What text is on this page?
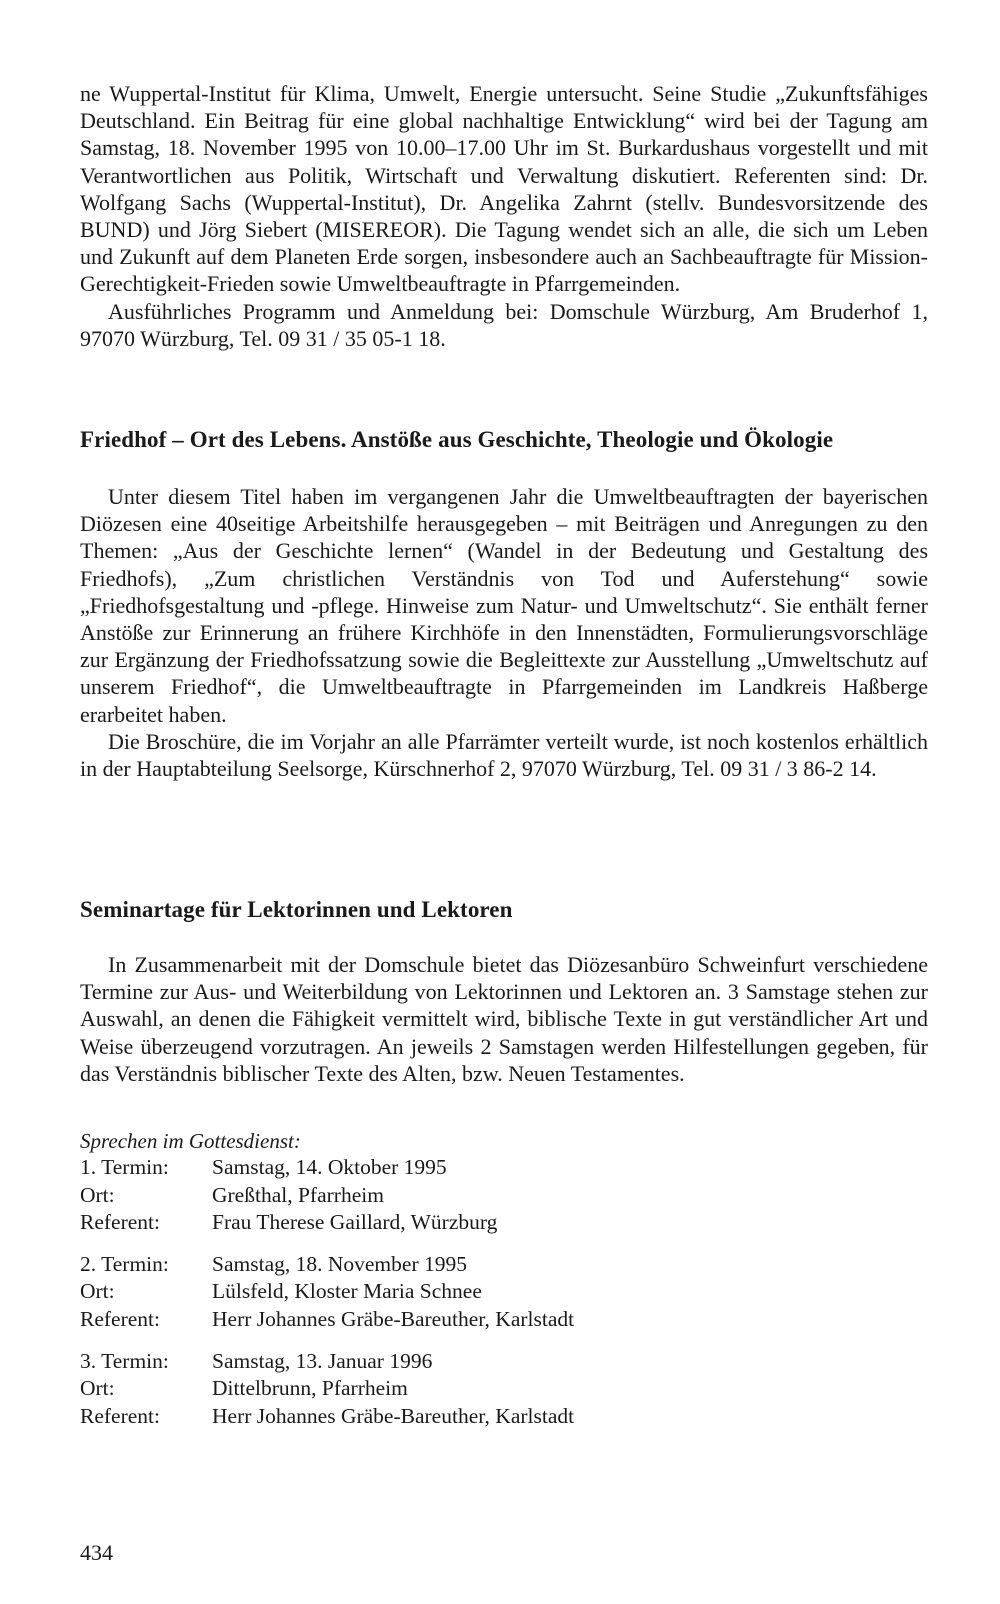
ne Wuppertal-Institut für Klima, Umwelt, Energie untersucht. Seine Studie „Zukunftsfähiges Deutschland. Ein Beitrag für eine global nachhaltige Entwicklung“ wird bei der Tagung am Samstag, 18. November 1995 von 10.00–17.00 Uhr im St. Burkardushaus vorgestellt und mit Verantwortlichen aus Politik, Wirtschaft und Verwaltung diskutiert. Referenten sind: Dr. Wolfgang Sachs (Wuppertal-Institut), Dr. Angelika Zahrnt (stellv. Bundesvorsitzende des BUND) und Jörg Siebert (MISEREOR). Die Tagung wendet sich an alle, die sich um Leben und Zukunft auf dem Planeten Erde sorgen, insbesondere auch an Sachbeauftragte für Mission-Gerechtigkeit-Frieden sowie Umweltbeauftragte in Pfarrgemeinden.

Ausführliches Programm und Anmeldung bei: Domschule Würzburg, Am Bruderhof 1, 97070 Würzburg, Tel. 09 31 / 35 05-1 18.

Friedhof – Ort des Lebens. Anstöße aus Geschichte, Theologie und Ökologie

Unter diesem Titel haben im vergangenen Jahr die Umweltbeauftragten der bayerischen Diözesen eine 40seitige Arbeitshilfe herausgegeben – mit Beiträgen und Anregungen zu den Themen: „Aus der Geschichte lernen“ (Wandel in der Bedeutung und Gestaltung des Friedhofs), „Zum christlichen Verständnis von Tod und Auferstehung“ sowie „Friedhofsgestaltung und -pflege. Hinweise zum Natur- und Umweltschutz“. Sie enthält ferner Anstöße zur Erinnerung an frühere Kirchhöfe in den Innenstädten, Formulierungsvorschläge zur Ergänzung der Friedhofssatzung sowie die Begleittexte zur Ausstellung „Umweltschutz auf unserem Friedhof“, die Umweltbeauftragte in Pfarrgemeinden im Landkreis Haßberge erarbeitet haben.

Die Broschüre, die im Vorjahr an alle Pfarrämter verteilt wurde, ist noch kostenlos erhältlich in der Hauptabteilung Seelsorge, Kürschnerhof 2, 97070 Würzburg, Tel. 09 31 / 3 86-2 14.

Seminartage für Lektorinnen und Lektoren

In Zusammenarbeit mit der Domschule bietet das Diözesanbüro Schweinfurt verschiedene Termine zur Aus- und Weiterbildung von Lektorinnen und Lektoren an. 3 Samstage stehen zur Auswahl, an denen die Fähigkeit vermittelt wird, biblische Texte in gut verständlicher Art und Weise überzeugend vorzutragen. An jeweils 2 Samstagen werden Hilfestellungen gegeben, für das Verständnis biblischer Texte des Alten, bzw. Neuen Testamentes.

Sprechen im Gottesdienst:
1. Termin:	Samstag, 14. Oktober 1995
Ort:	Greßthal, Pfarrheim
Referent:	Frau Therese Gaillard, Würzburg
2. Termin:	Samstag, 18. November 1995
Ort:	Lülsfeld, Kloster Maria Schnee
Referent:	Herr Johannes Gräbe-Bareuther, Karlstadt
3. Termin:	Samstag, 13. Januar 1996
Ort:	Dittelbrunn, Pfarrheim
Referent:	Herr Johannes Gräbe-Bareuther, Karlstadt
434
